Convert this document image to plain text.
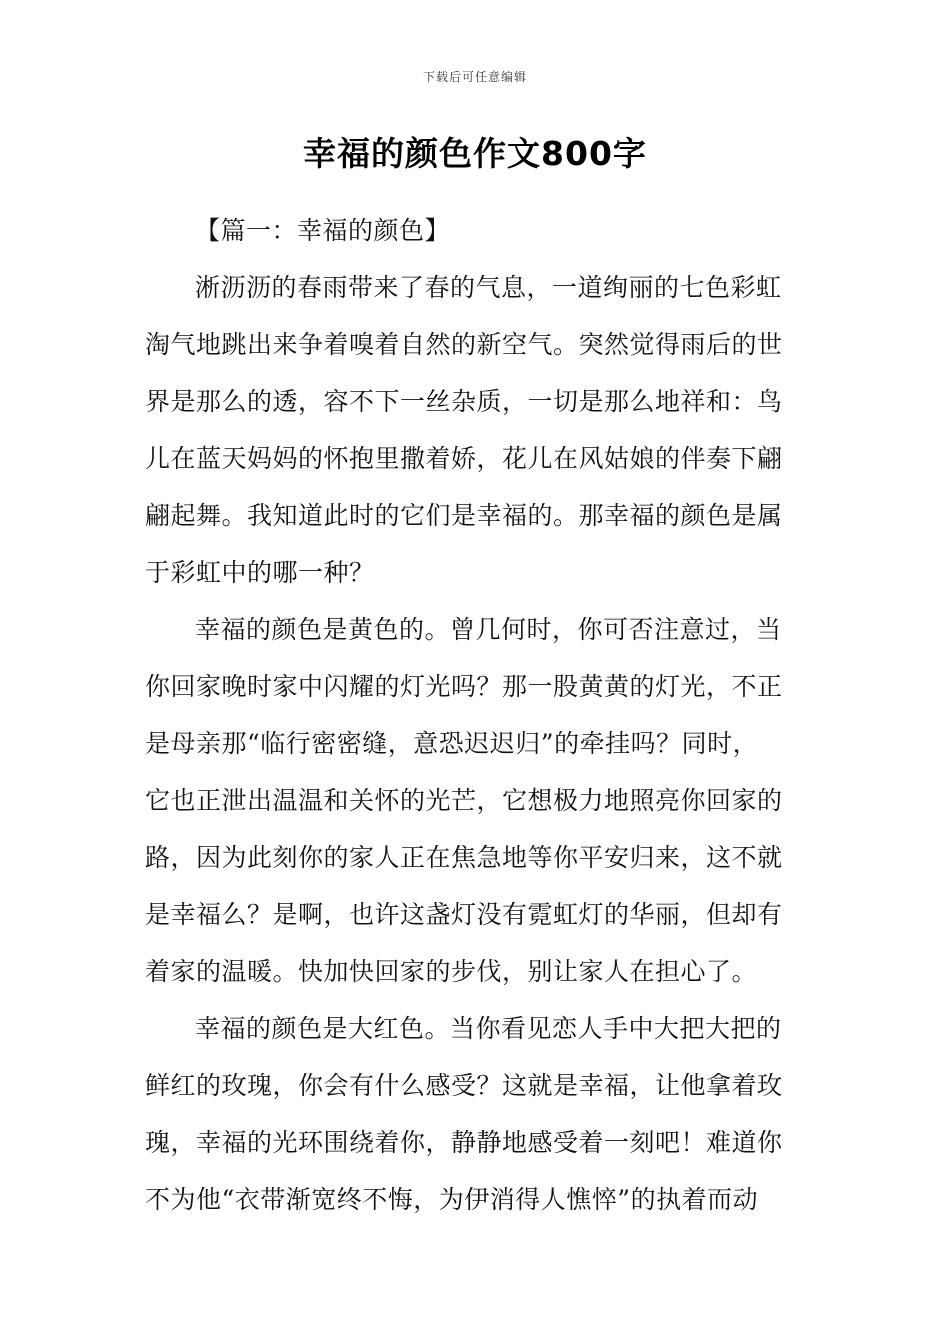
下载后可任意编辑
幸福的颜色作文800字

【篇一：幸福的颜色】

淅沥沥的春雨带来了春的气息，一道绚丽的七色彩虹
淘气地跳出来争着嗅着自然的新空气。突然觉得雨后的世
界是那么的透，容不下一丝杂质，一切是那么地祥和：鸟
儿在蓝天妈妈的怀抱里撒着娇，花儿在风姑娘的伴奏下翩
翩起舞。我知道此时的它们是幸福的。那幸福的颜色是属
于彩虹中的哪一种？
幸福的颜色是黄色的。曾几何时，你可否注意过，当
你回家晚时家中闪耀的灯光吗？那一股黄黄的灯光，不正
是母亲那“临行密密缝，意恐迟迟归”的牵挂吗？同时，
它也正泄出温温和关怀的光芒，它想极力地照亮你回家的
路，因为此刻你的家人正在焦急地等你平安归来，这不就
是幸福么？是啊，也许这盏灯没有霓虹灯的华丽，但却有
着家的温暖。快加快回家的步伐，别让家人在担心了。
幸福的颜色是大红色。当你看见恋人手中大把大把的
鲜红的玫瑰，你会有什么感受？这就是幸福，让他拿着玫
瑰，幸福的光环围绕着你，静静地感受着一刻吧！难道你
不为他“衣带渐宽终不悔，为伊消得人憔悴”的执着而动
